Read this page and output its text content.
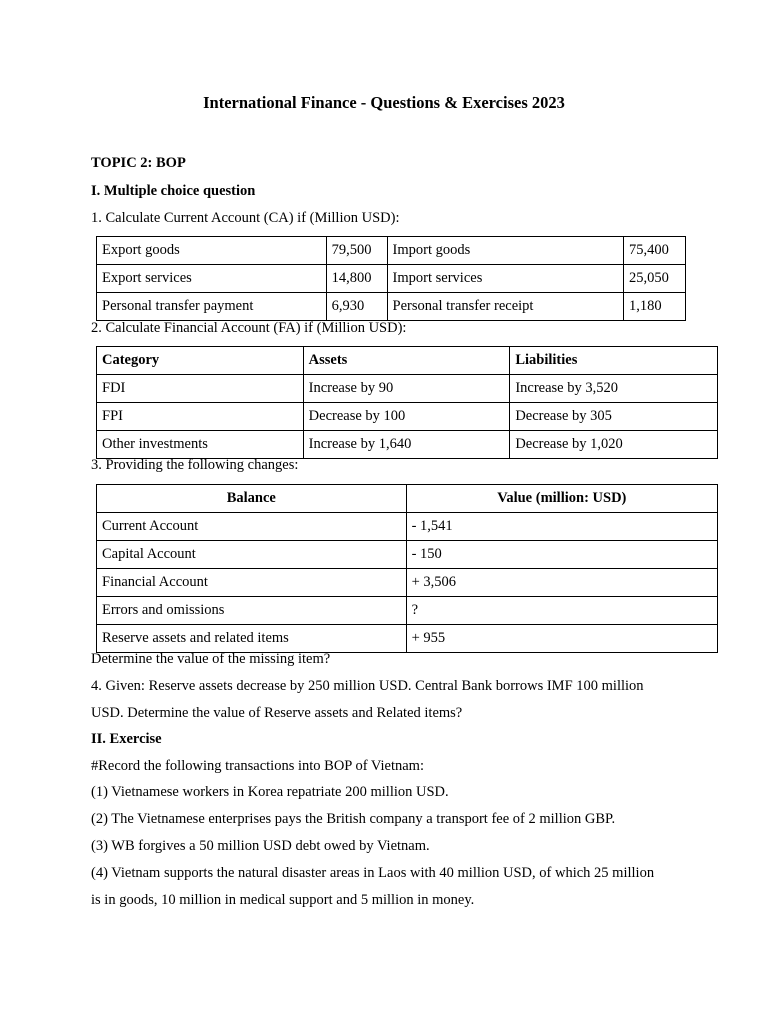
International Finance - Questions & Exercises 2023
TOPIC 2: BOP
I. Multiple choice question
1. Calculate Current Account (CA) if (Million USD):
Export goods	79,500	Import goods	75,400
Export services	14,800	Import services	25,050
Personal transfer payment	6,930	Personal transfer receipt	1,180
2. Calculate Financial Account (FA) if (Million USD):
Category	Assets	Liabilities
FDI	Increase by 90	Increase by 3,520
FPI	Decrease by 100	Decrease by 305
Other investments	Increase by 1,640	Decrease by 1,020
3. Providing the following changes:
Balance	Value (million: USD)
Current Account	- 1,541
Capital Account	- 150
Financial Account	+ 3,506
Errors and omissions	?
Reserve assets and related items	+ 955
Determine the value of the missing item?
4. Given: Reserve assets decrease by 250 million USD. Central Bank borrows IMF 100 million
USD. Determine the value of Reserve assets and Related items?
II. Exercise
#Record the following transactions into BOP of Vietnam:
(1) Vietnamese workers in Korea repatriate 200 million USD.
(2) The Vietnamese enterprises pays the British company a transport fee of 2 million GBP.
(3) WB forgives a 50 million USD debt owed by Vietnam.
(4) Vietnam supports the natural disaster areas in Laos with 40 million USD, of which 25 million
is in goods, 10 million in medical support and 5 million in money.
